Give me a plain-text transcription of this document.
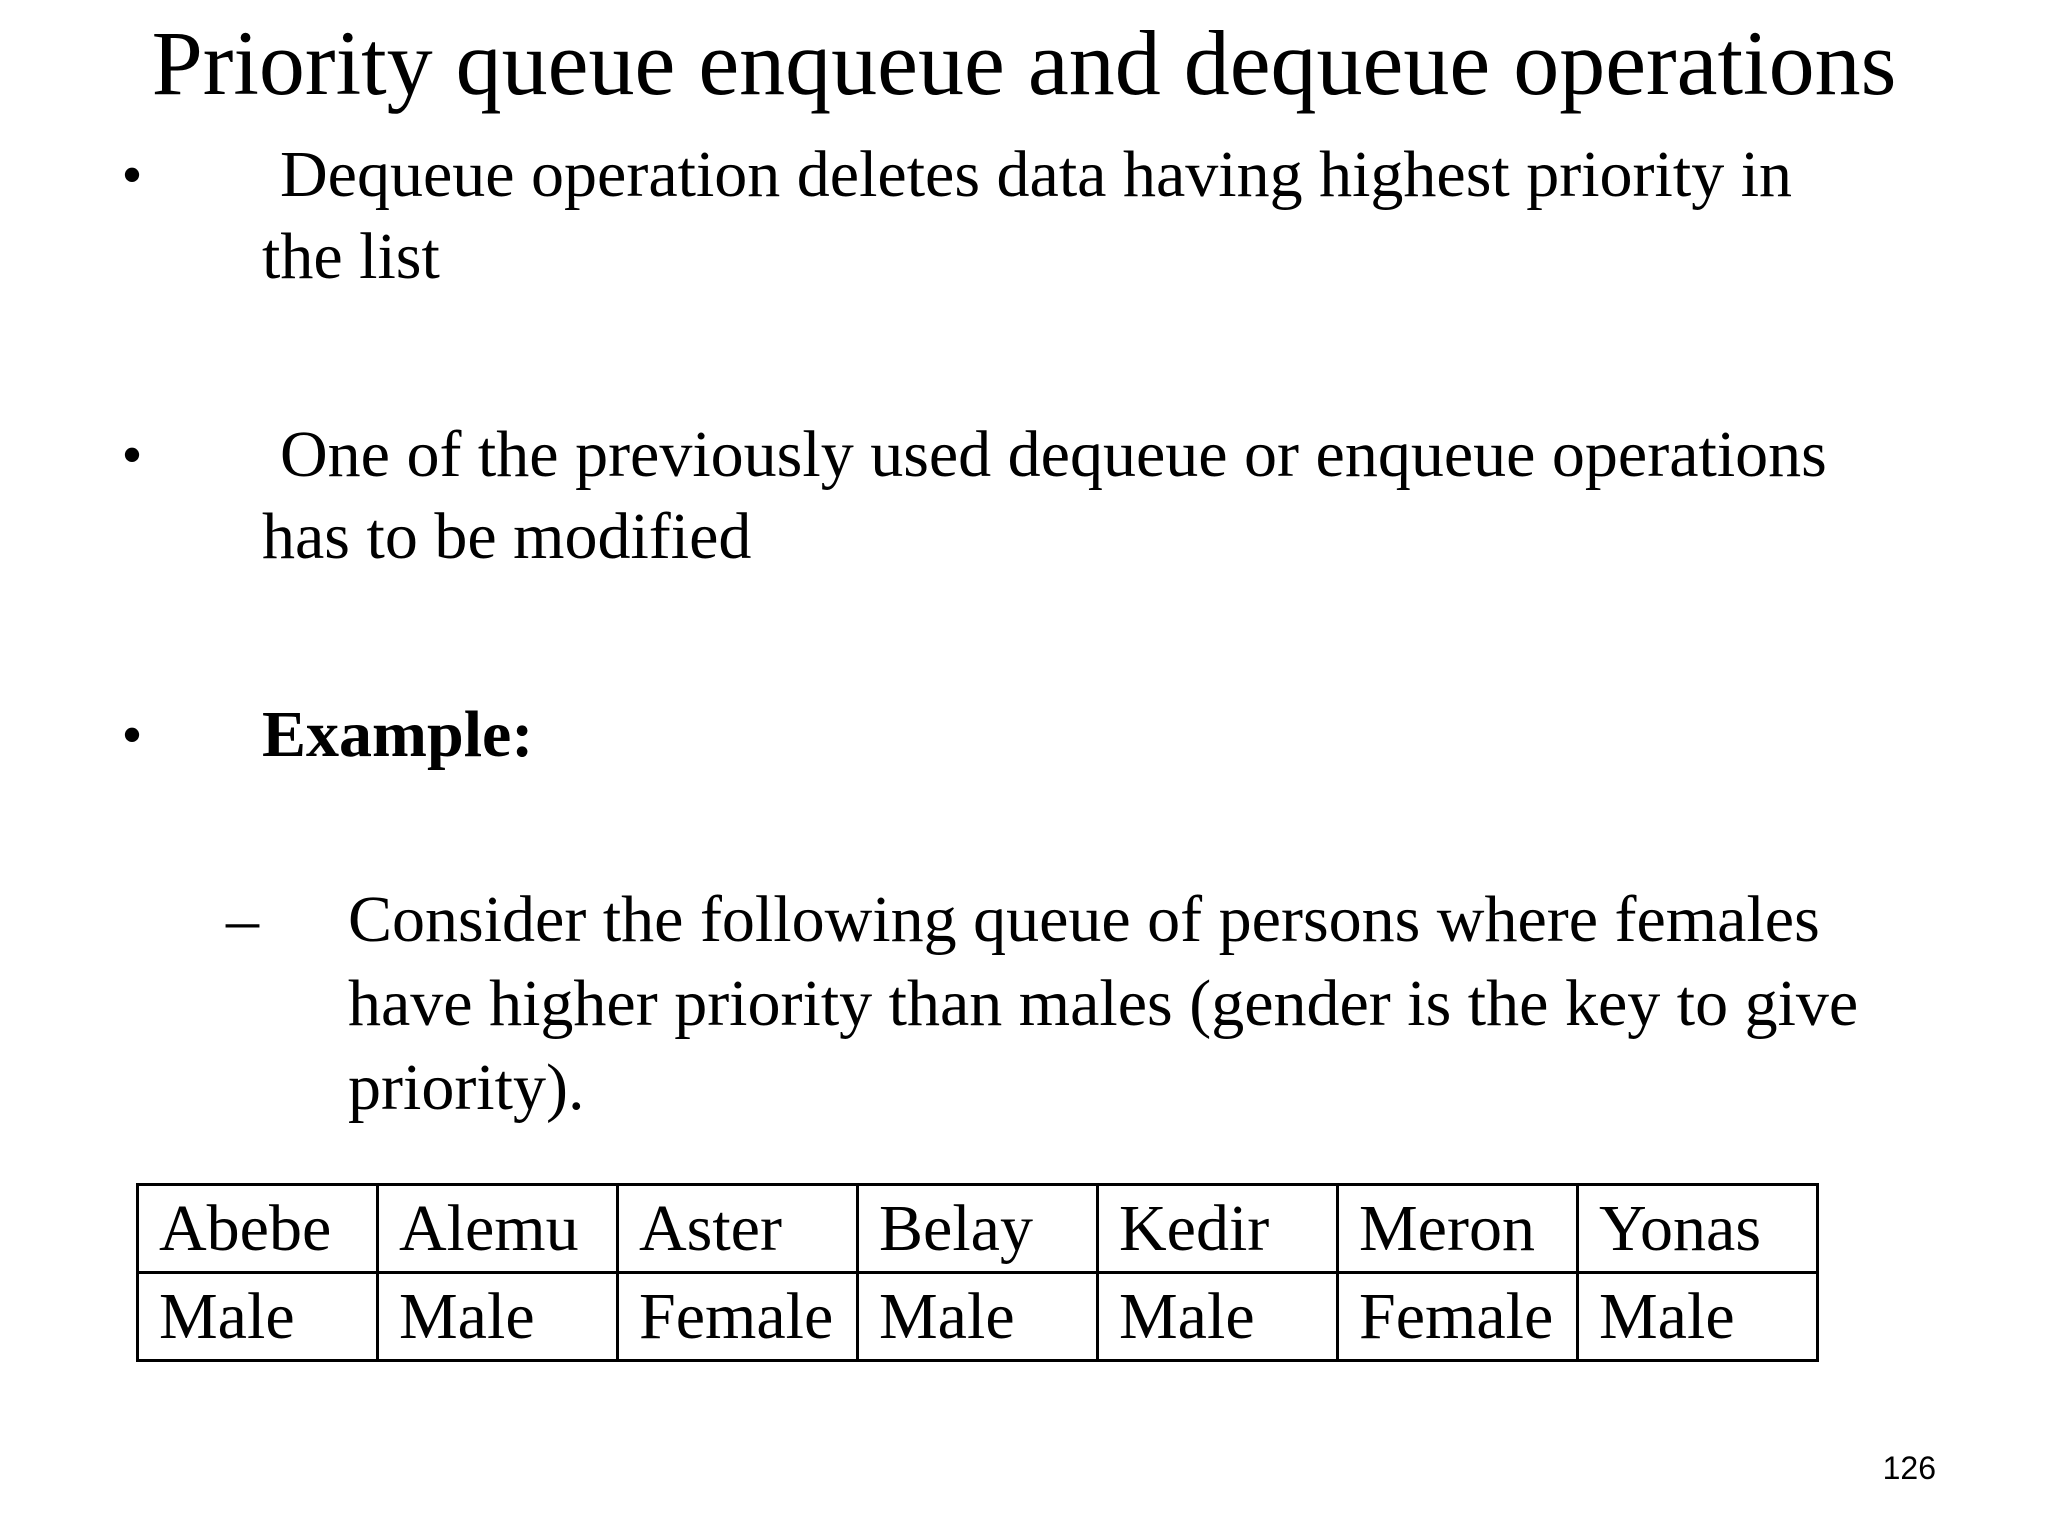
Priority queue enqueue and dequeue operations
• Dequeue operation deletes data having highest priority in
the list
• One of the previously used dequeue or enqueue operations
has to be modified
• Example:
– Consider the following queue of persons where females
have higher priority than males (gender is the key to give
priority).
Abebe	Alemu	Aster	Belay	Kedir	Meron	Yonas
Male	Male	Female	Male	Male	Female	Male
126
